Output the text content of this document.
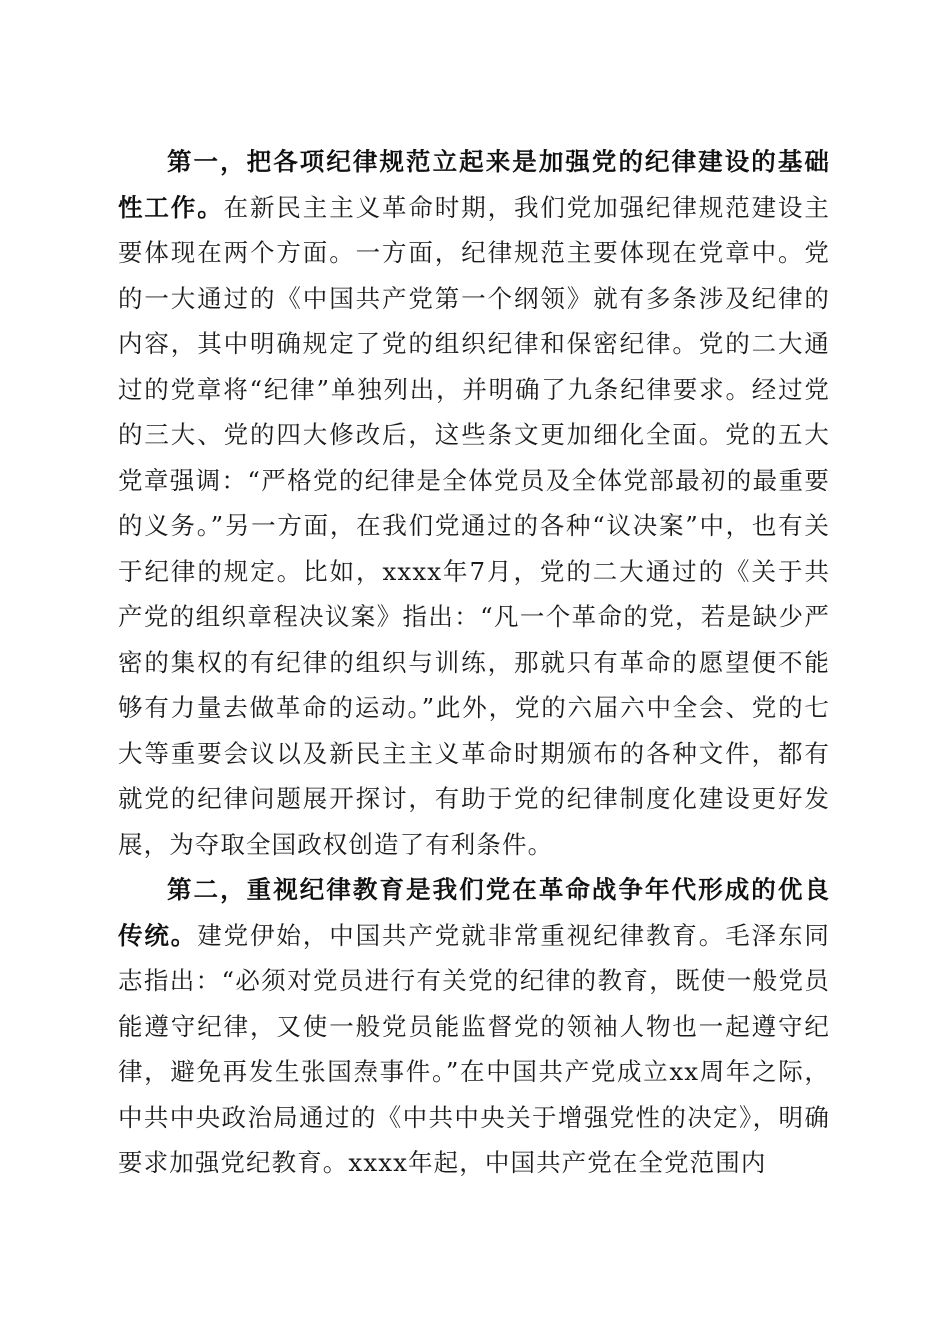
第一，把各项纪律规范立起来是加强党的纪律建设的基础性工作。在新民主主义革命时期，我们党加强纪律规范建设主要体现在两个方面。一方面，纪律规范主要体现在党章中。党的一大通过的《中国共产党第一个纲领》就有多条涉及纪律的内容，其中明确规定了党的组织纪律和保密纪律。党的二大通过的党章将“纪律”单独列出，并明确了九条纪律要求。经过党的三大、党的四大修改后，这些条文更加细化全面。党的五大党章强调：“严格党的纪律是全体党员及全体党部最初的最重要的义务。”另一方面，在我们党通过的各种“议决案”中，也有关于纪律的规定。比如，xxxx年7月，党的二大通过的《关于共产党的组织章程决议案》指出：“凡一个革命的党，若是缺少严密的集权的有纪律的组织与训练，那就只有革命的愿望便不能够有力量去做革命的运动。”此外，党的六届六中全会、党的七大等重要会议以及新民主主义革命时期颁布的各种文件，都有就党的纪律问题展开探讨，有助于党的纪律制度化建设更好发展，为夺取全国政权创造了有利条件。

第二，重视纪律教育是我们党在革命战争年代形成的优良传统。建党伊始，中国共产党就非常重视纪律教育。毛泽东同志指出：“必须对党员进行有关党的纪律的教育，既使一般党员能遵守纪律，又使一般党员能监督党的领袖人物也一起遵守纪律，避免再发生张国焘事件。”在中国共产党成立xx周年之际，中共中央政治局通过的《中共中央关于增强党性的决定》，明确要求加强党纪教育。xxxx年起，中国共产党在全党范围内
